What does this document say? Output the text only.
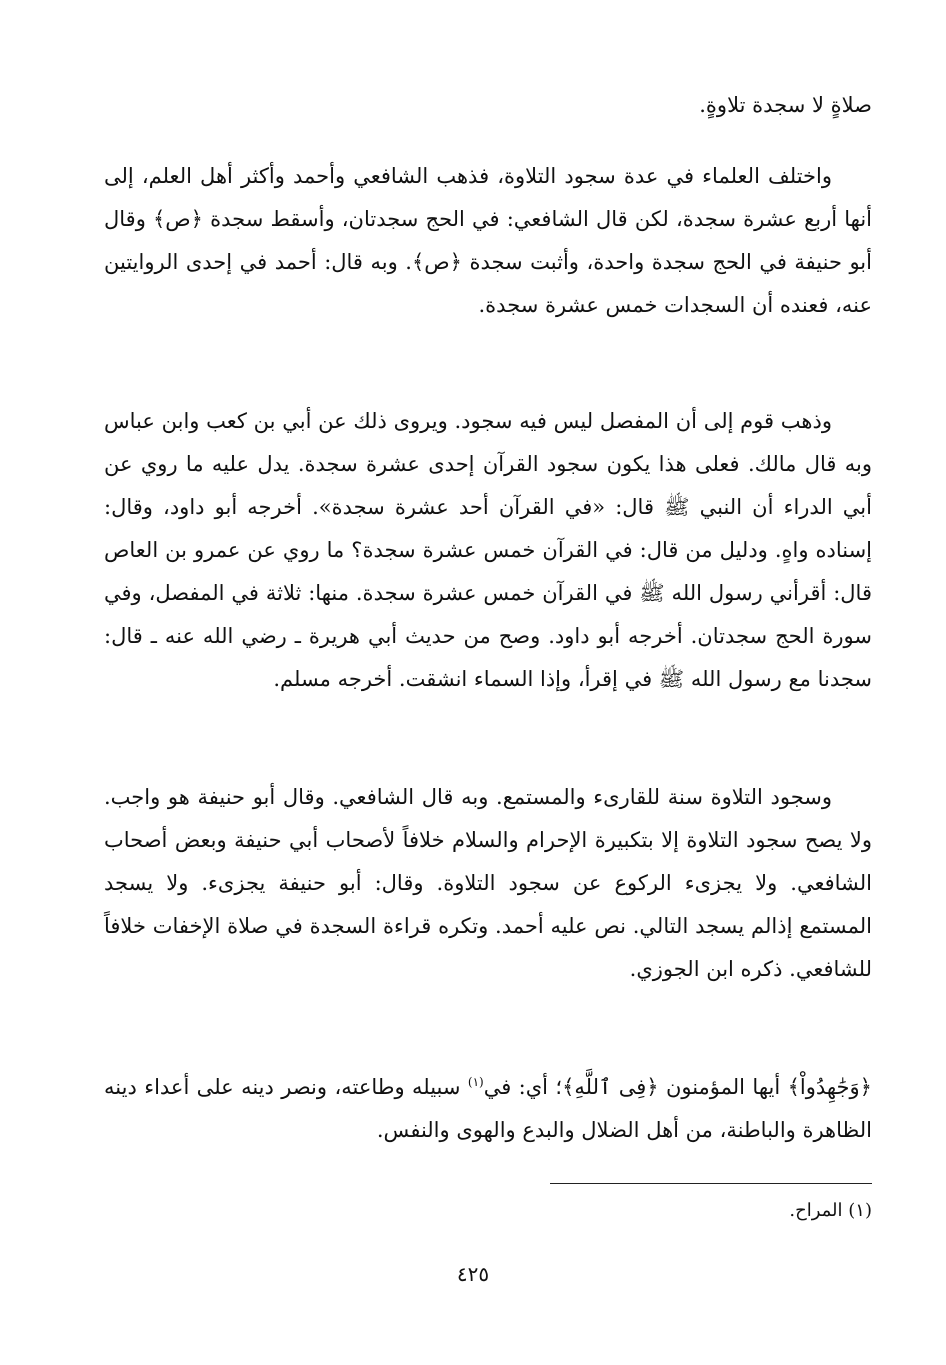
صلاةٍ لا سجدة تلاوةٍ.

واختلف العلماء في عدة سجود التلاوة، فذهب الشافعي وأحمد وأكثر أهل العلم، إلى أنها أربع عشرة سجدة، لكن قال الشافعي: في الحج سجدتان، وأسقط سجدة ﴿ص﴾ وقال أبو حنيفة في الحج سجدة واحدة، وأثبت سجدة ﴿ص﴾. وبه قال: أحمد في إحدى الروايتين عنه، فعنده أن السجدات خمس عشرة سجدة.

وذهب قوم إلى أن المفصل ليس فيه سجود. ويروى ذلك عن أبي بن كعب وابن عباس وبه قال مالك. فعلى هذا يكون سجود القرآن إحدى عشرة سجدة. يدل عليه ما روي عن أبي الدراء أن النبي ﷺ قال: «في القرآن أحد عشرة سجدة». أخرجه أبو داود، وقال: إسناده واهٍ. ودليل من قال: في القرآن خمس عشرة سجدة؟ ما روي عن عمرو بن العاص قال: أقرأني رسول الله ﷺ في القرآن خمس عشرة سجدة. منها: ثلاثة في المفصل، وفي سورة الحج سجدتان. أخرجه أبو داود. وصح من حديث أبي هريرة ـ رضي الله عنه ـ قال: سجدنا مع رسول الله ﷺ في إقرأ، وإذا السماء انشقت. أخرجه مسلم.

وسجود التلاوة سنة للقارىء والمستمع. وبه قال الشافعي. وقال أبو حنيفة هو واجب. ولا يصح سجود التلاوة إلا بتكبيرة الإحرام والسلام خلافاً لأصحاب أبي حنيفة وبعض أصحاب الشافعي. ولا يجزىء الركوع عن سجود التلاوة. وقال: أبو حنيفة يجزىء. ولا يسجد المستمع إذالم يسجد التالي. نص عليه أحمد. وتكره قراءة السجدة في صلاة الإخفات خلافاً للشافعي. ذكره ابن الجوزي.

﴿وَجَٰهِدُواْ﴾ أيها المؤمنون ﴿فِى ٱللَّهِ﴾؛ أي: في$^{(١)}$ سبيله وطاعته، ونصر دينه على أعداء دينه الظاهرة والباطنة، من أهل الضلال والبدع والهوى والنفس.

(١) المراح.

٤٢٥
